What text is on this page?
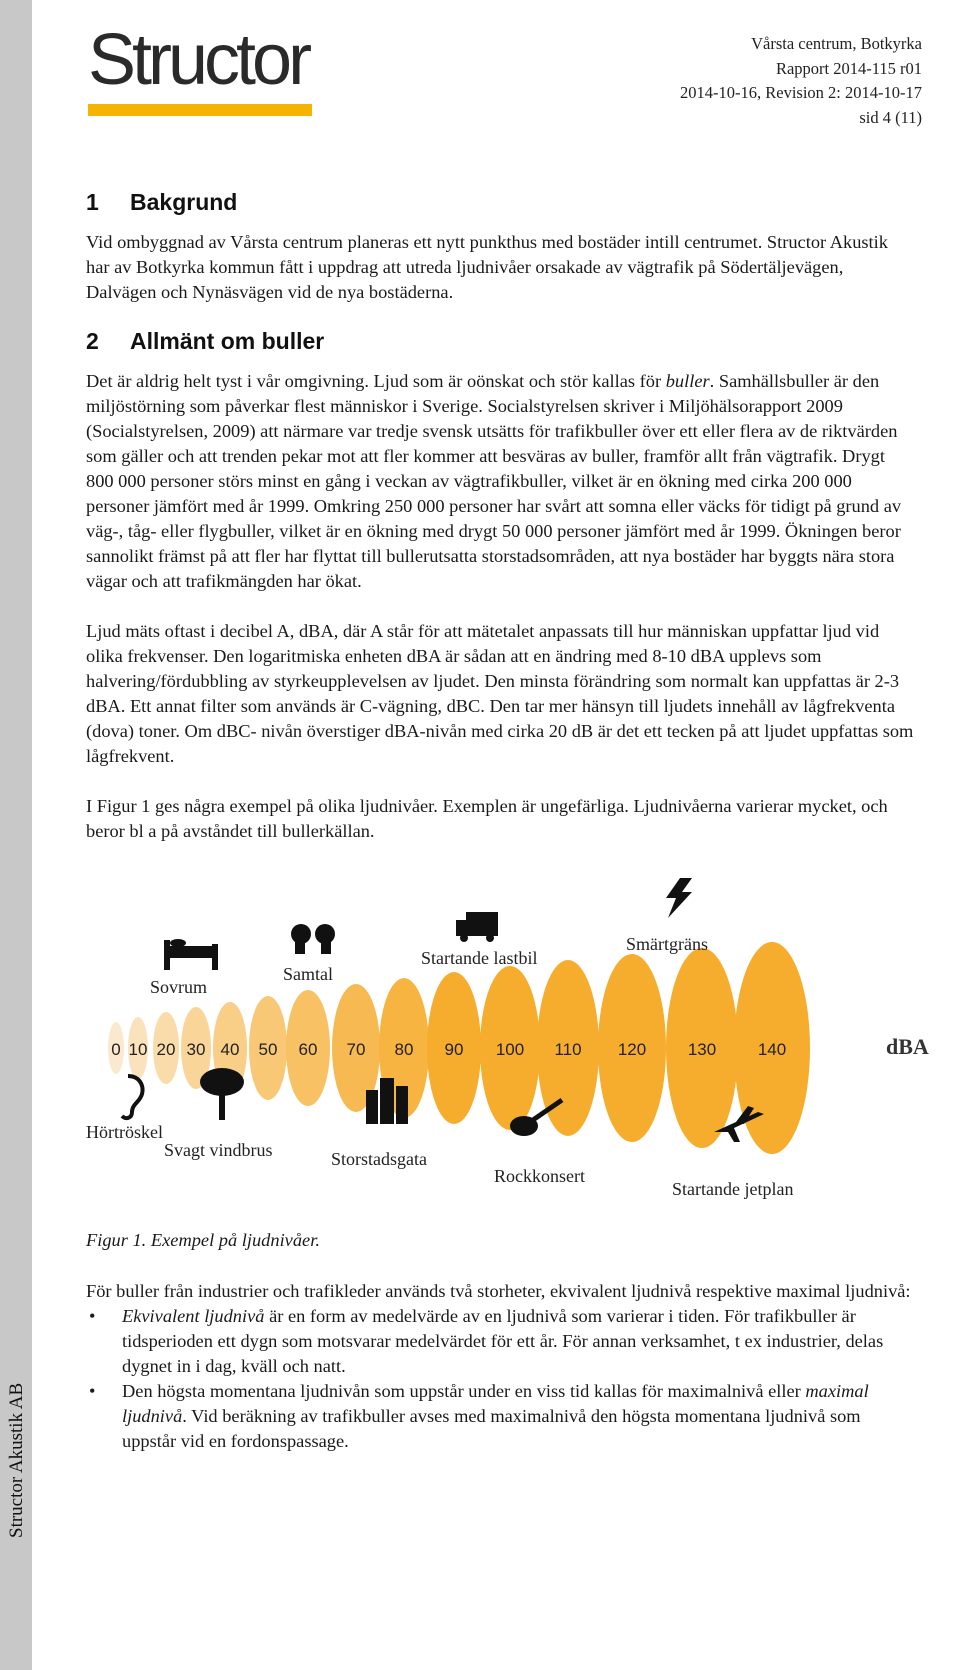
Structor Akustik AB
Structor	Vårsta centrum, Botkyrka
Rapport 2014-115 r01
2014-10-16, Revision 2: 2014-10-17
sid 4 (11)
1 Bakgrund

Vid ombyggnad av Vårsta centrum planeras ett nytt punkthus med bostäder intill centrumet. Structor Akustik har av Botkyrka kommun fått i uppdrag att utreda ljudnivåer orsakade av vägtrafik på Södertäljevägen, Dalvägen och Nynäsvägen vid de nya bostäderna.

2 Allmänt om buller

Det är aldrig helt tyst i vår omgivning. Ljud som är oönskat och stör kallas för buller. Samhällsbuller är den miljöstörning som påverkar flest människor i Sverige. Socialstyrelsen skriver i Miljöhälsorapport 2009 (Socialstyrelsen, 2009) att närmare var tredje svensk utsätts för trafikbuller över ett eller flera av de riktvärden som gäller och att trenden pekar mot att fler kommer att besväras av buller, framför allt från vägtrafik. Drygt 800 000 personer störs minst en gång i veckan av vägtrafikbuller, vilket är en ökning med cirka 200 000 personer jämfört med år 1999. Omkring 250 000 personer har svårt att somna eller väcks för tidigt på grund av väg-, tåg- eller flygbuller, vilket är en ökning med drygt 50 000 personer jämfört med år 1999. Ökningen beror sannolikt främst på att fler har flyttat till bullerutsatta storstadsområden, att nya bostäder har byggts nära stora vägar och att trafikmängden har ökat.

Ljud mäts oftast i decibel A, dBA, där A står för att mätetalet anpassats till hur människan uppfattar ljud vid olika frekvenser. Den logaritmiska enheten dBA är sådan att en ändring med 8-10 dBA upplevs som halvering/fördubbling av styrkeupplevelsen av ljudet. Den minsta förändring som normalt kan uppfattas är 2-3 dBA. Ett annat filter som används är C-vägning, dBC. Den tar mer hänsyn till ljudets innehåll av lågfrekventa (dova) toner. Om dBC- nivån överstiger dBA-nivån med cirka 20 dB är det ett tecken på att ljudet uppfattas som lågfrekvent.

I Figur 1 ges några exempel på olika ljudnivåer. Exemplen är ungefärliga. Ljudnivåerna varierar mycket, och beror bl a på avståndet till bullerkällan.

0 10 20 30 40 50 60 70 80 90 100 110 120 130 140	dBA
Sovrum
Samtal
Startande lastbil
Smärtgräns
Hörtröskel
Svagt vindbrus	Storstadsgata
Rockkonsert
Startande jetplan
Figur 1. Exempel på ljudnivåer.

För buller från industrier och trafikleder används två storheter, ekvivalent ljudnivå respektive maximal ljudnivå:

• Ekvivalent ljudnivå är en form av medelvärde av en ljudnivå som varierar i tiden. För trafikbuller är tidsperioden ett dygn som motsvarar medelvärdet för ett år. För annan verksamhet, t ex industrier, delas dygnet in i dag, kväll och natt.
• Den högsta momentana ljudnivån som uppstår under en viss tid kallas för maximalnivå eller maximal ljudnivå. Vid beräkning av trafikbuller avses med maximalnivå den högsta momentana ljudnivå som uppstår vid en fordonspassage.
